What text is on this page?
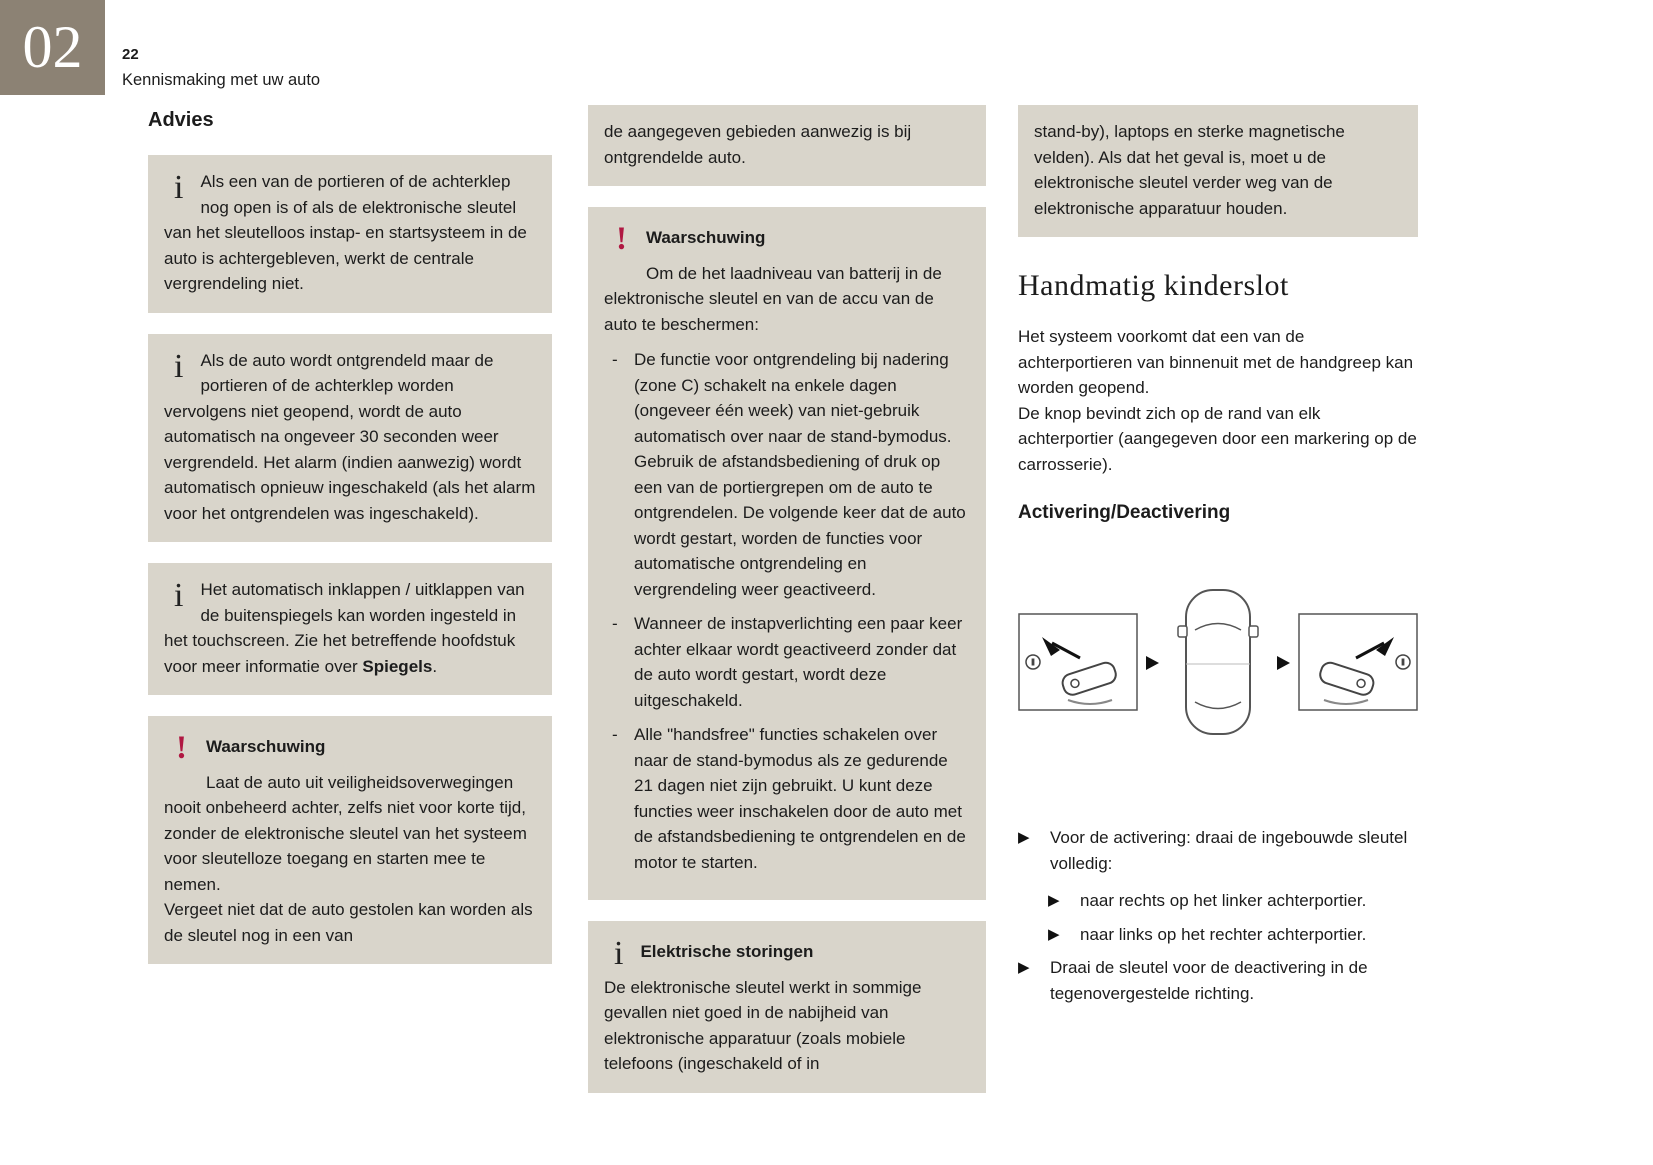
02	22
Kennismaking met uw auto
Advies
i	Als een van de portieren of de achterklep nog open is of als de elektronische sleutel van het sleutelloos instap- en startsysteem in de auto is achtergebleven, werkt de centrale vergrendeling niet.

i	Als de auto wordt ontgrendeld maar de portieren of de achterklep worden vervolgens niet geopend, wordt de auto automatisch na ongeveer 30 seconden weer vergrendeld. Het alarm (indien aanwezig) wordt automatisch opnieuw ingeschakeld (als het alarm voor het ontgrendelen was ingeschakeld).

i	Het automatisch inklappen / uitklappen van de buitenspiegels kan worden ingesteld in het touchscreen. Zie het betreffende hoofdstuk voor meer informatie over Spiegels.

!	Waarschuwing

Laat de auto uit veiligheidsoverwegingen nooit onbeheerd achter, zelfs niet voor korte tijd, zonder de elektronische sleutel van het systeem voor sleutelloze toegang en starten mee te nemen.

Vergeet niet dat de auto gestolen kan worden als de sleutel nog in een van

de aangegeven gebieden aanwezig is bij ontgrendelde auto.

!	Waarschuwing

Om de het laadniveau van batterij in de elektronische sleutel en van de accu van de auto te beschermen:

- De functie voor ontgrendeling bij nadering (zone C) schakelt na enkele dagen (ongeveer één week) van niet-gebruik automatisch over naar de stand-bymodus. Gebruik de afstandsbediening of druk op een van de portiergrepen om de auto te ontgrendelen. De volgende keer dat de auto wordt gestart, worden de functies voor automatische ontgrendeling en vergrendeling weer geactiveerd.
- Wanneer de instapverlichting een paar keer achter elkaar wordt geactiveerd zonder dat de auto wordt gestart, wordt deze uitgeschakeld.
- Alle "handsfree" functies schakelen over naar de stand-bymodus als ze gedurende 21 dagen niet zijn gebruikt. U kunt deze functies weer inschakelen door de auto met de afstandsbediening te ontgrendelen en de motor te starten.
i	Elektrische storingen

De elektronische sleutel werkt in sommige gevallen niet goed in de nabijheid van elektronische apparatuur (zoals mobiele telefoons (ingeschakeld of in

stand-by), laptops en sterke magnetische velden). Als dat het geval is, moet u de elektronische sleutel verder weg van de elektronische apparatuur houden.

Handmatig kinderslot

Het systeem voorkomt dat een van de achterportieren van binnenuit met de handgreep kan worden geopend.

De knop bevindt zich op de rand van elk achterportier (aangegeven door een markering op de carrosserie).

Activering/Deactivering
▶ Voor de activering: draai de ingebouwde sleutel volledig:
▶ naar rechts op het linker achterportier.
▶ naar links op het rechter achterportier.
▶ Draai de sleutel voor de deactivering in de tegenovergestelde richting.
